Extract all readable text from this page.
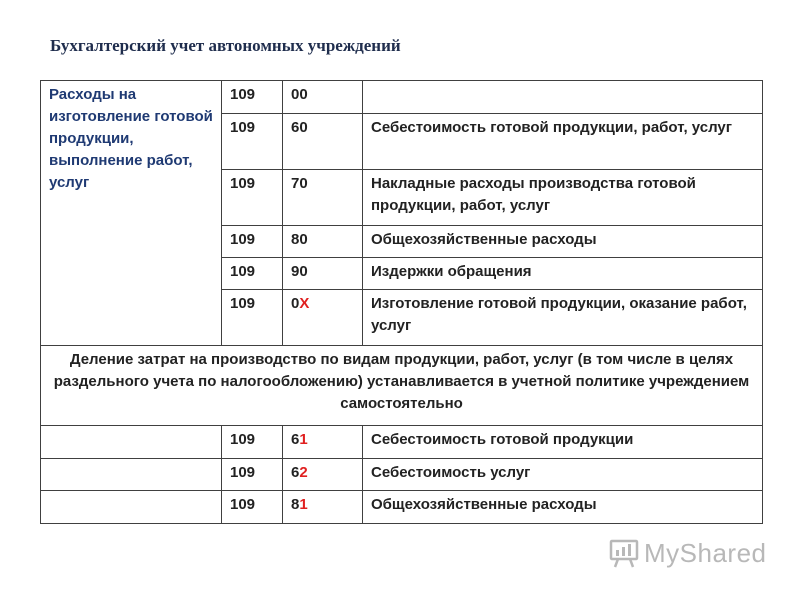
Бухгалтерский учет автономных учреждений
Расходы на изготовление готовой продукции, выполнение работ, услуг	109	00	
	109	60	Себестоимость готовой продукции, работ, услуг
	109	70	Накладные расходы производства готовой продукции, работ, услуг
	109	80	Общехозяйственные расходы
	109	90	Издержки обращения
	109	0X	Изготовление готовой продукции, оказание работ, услуг
Деление затрат на производство по видам продукции, работ, услуг (в том числе в целях раздельного учета по налогообложению) устанавливается в учетной политике учреждением самостоятельно			
	109	61	Себестоимость готовой продукции
	109	62	Себестоимость услуг
	109	81	Общехозяйственные расходы
MyShared
